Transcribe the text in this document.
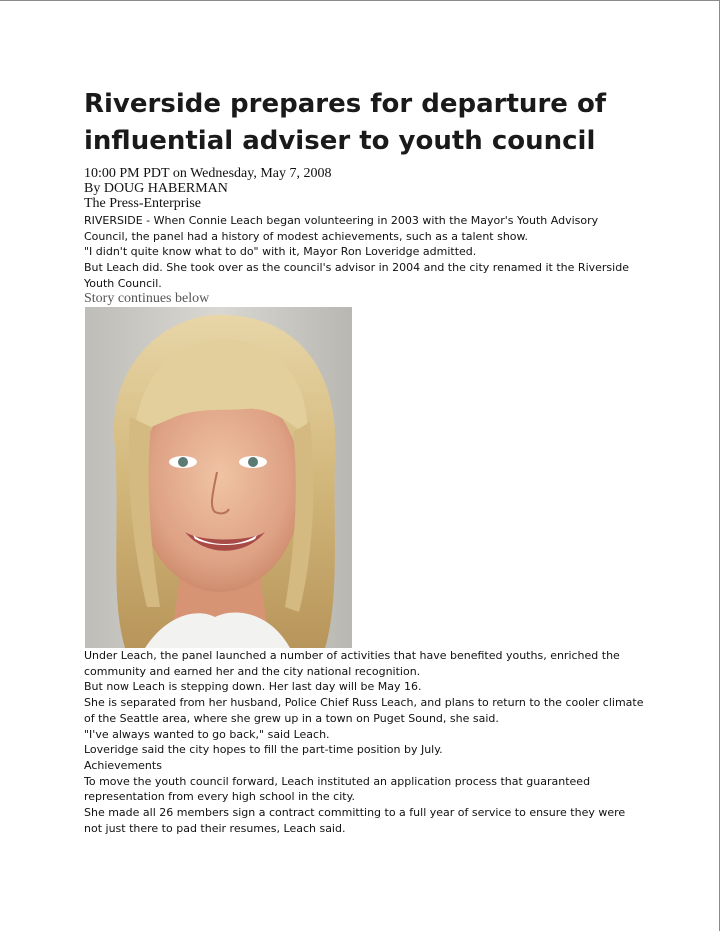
Riverside prepares for departure of influential adviser to youth council
10:00 PM PDT on Wednesday, May 7, 2008
By DOUG HABERMAN
The Press-Enterprise

RIVERSIDE - When Connie Leach began volunteering in 2003 with the Mayor's Youth Advisory Council, the panel had a history of modest achievements, such as a talent show.

"I didn't quite know what to do" with it, Mayor Ron Loveridge admitted.

But Leach did. She took over as the council's advisor in 2004 and the city renamed it the Riverside Youth Council.

Story continues below

Under Leach, the panel launched a number of activities that have benefited youths, enriched the community and earned her and the city national recognition.

But now Leach is stepping down. Her last day will be May 16.

She is separated from her husband, Police Chief Russ Leach, and plans to return to the cooler climate of the Seattle area, where she grew up in a town on Puget Sound, she said.

"I've always wanted to go back," said Leach.

Loveridge said the city hopes to fill the part-time position by July.

Achievements

To move the youth council forward, Leach instituted an application process that guaranteed representation from every high school in the city.

She made all 26 members sign a contract committing to a full year of service to ensure they were not just there to pad their resumes, Leach said.
